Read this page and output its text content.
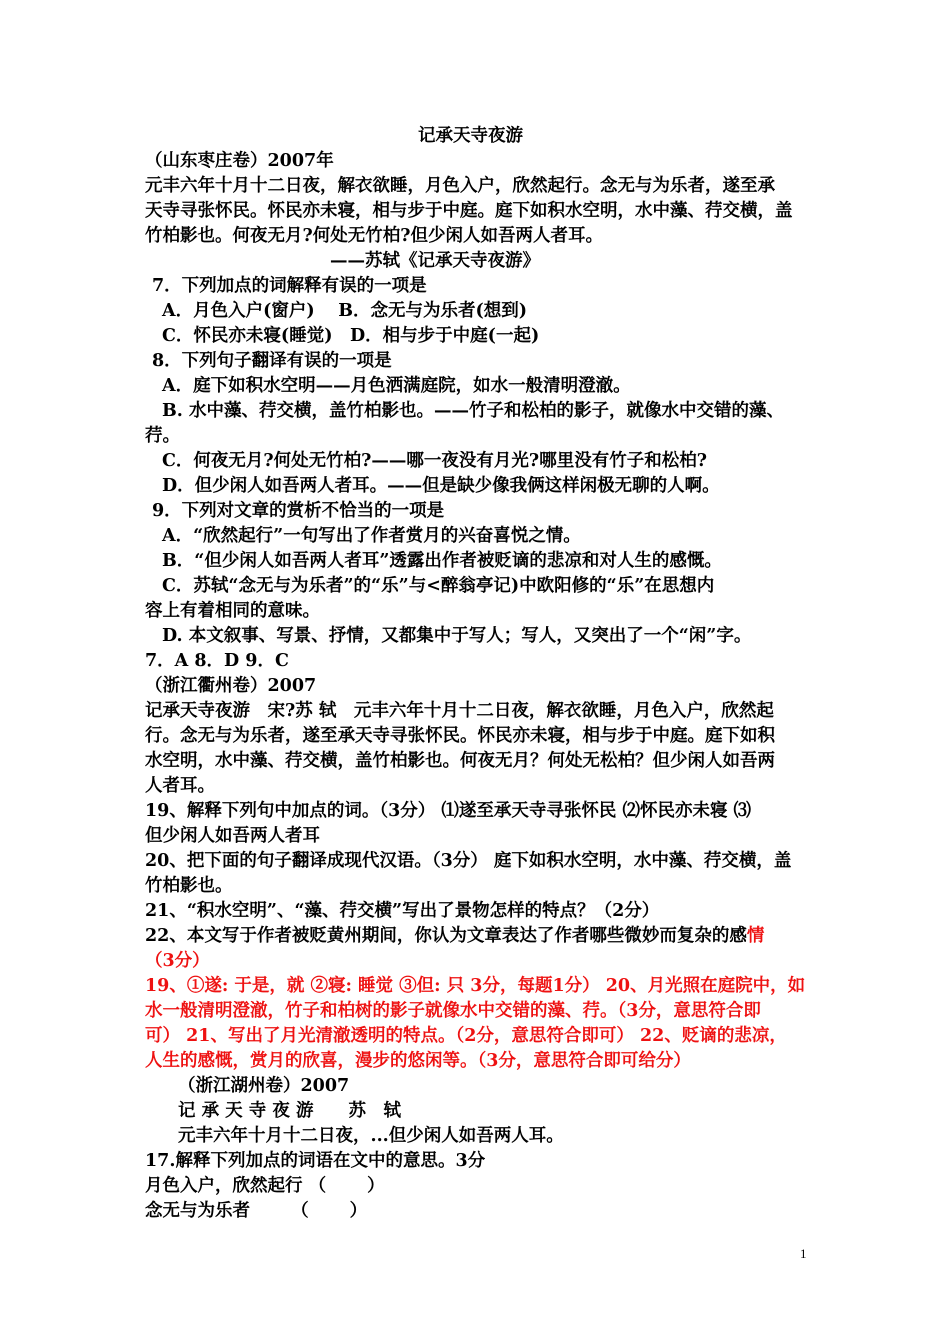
记承天寺夜游
（山东枣庄卷）2007年
元丰六年十月十二日夜，解衣欲睡，月色入户，欣然起行。念无与为乐者，遂至承
天寺寻张怀民。怀民亦未寝，相与步于中庭。庭下如积水空明，水中藻、荇交横，盖
竹柏影也。何夜无月?何处无竹柏?但少闲人如吾两人者耳。
——苏轼《记承天寺夜游》
7．下列加点的词解释有误的一项是
A．月色入户(窗户)　 B．念无与为乐者(想到)
C．怀民亦未寝(睡觉)　D．相与步于中庭(一起)
8．下列句子翻译有误的一项是
A．庭下如积水空明——月色洒满庭院，如水一般清明澄澈。
B. 水中藻、荇交横，盖竹柏影也。——竹子和松柏的影子，就像水中交错的藻、
荇。
C．何夜无月?何处无竹柏?——哪一夜没有月光?哪里没有竹子和松柏?
D．但少闲人如吾两人者耳。——但是缺少像我俩这样闲极无聊的人啊。
9．下列对文章的赏析不恰当的一项是
A．“欣然起行”一句写出了作者赏月的兴奋喜悦之情。
B．“但少闲人如吾两人者耳”透露出作者被贬谪的悲凉和对人生的感慨。
C．苏轼“念无与为乐者”的“乐”与<醉翁亭记)中欧阳修的“乐”在思想内
容上有着相同的意味。
D. 本文叙事、写景、抒情，又都集中于写人；写人，又突出了一个“闲”字。
7．A 8．D 9．C
（浙江衢州卷）2007
记承天寺夜游　宋?苏 轼　元丰六年十月十二日夜，解衣欲睡，月色入户，欣然起
行。念无与为乐者，遂至承天寺寻张怀民。怀民亦未寝，相与步于中庭。庭下如积
水空明，水中藻、荇交横，盖竹柏影也。何夜无月？何处无松柏？但少闲人如吾两
人者耳。
19、解释下列句中加点的词。（3分） ⑴遂至承天寺寻张怀民 ⑵怀民亦未寝 ⑶
但少闲人如吾两人者耳
20、把下面的句子翻译成现代汉语。（3分） 庭下如积水空明，水中藻、荇交横，盖
竹柏影也。
21、“积水空明”、“藻、荇交横”写出了景物怎样的特点？（2分）
22、本文写于作者被贬黄州期间，你认为文章表达了作者哪些微妙而复杂的感情
（3分）
19、①遂: 于是，就 ②寝: 睡觉 ③但: 只 3分，每题1分） 20、月光照在庭院中，如
水一般清明澄澈，竹子和柏树的影子就像水中交错的藻、荇。（3分，意思符合即
可） 21、写出了月光清澈透明的特点。（2分，意思符合即可） 22、贬谪的悲凉，
人生的感慨，赏月的欣喜，漫步的悠闲等。（3分，意思符合即可给分）
（浙江湖州卷）2007
记 承 天 寺 夜 游　　苏　轼
元丰六年十月十二日夜，...但少闲人如吾两人耳。
17.解释下列加点的词语在文中的意思。3分
月色入户，欣然起行 （　　 ）
念无与为乐者　　 （　　 ）
1
